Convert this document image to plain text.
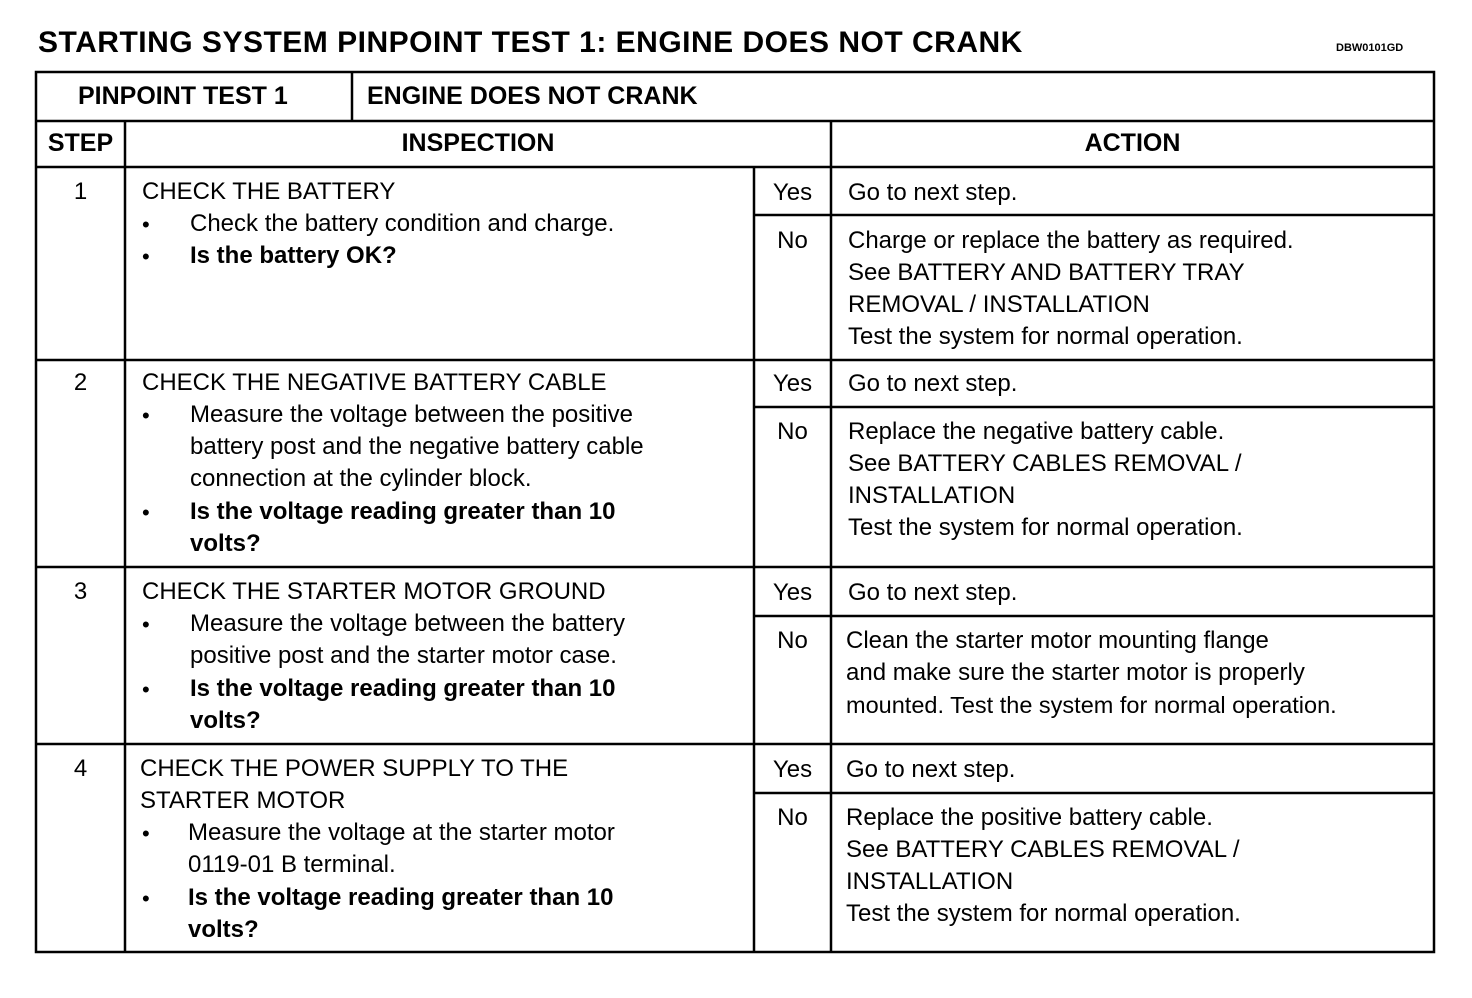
STARTING SYSTEM PINPOINT TEST 1: ENGINE DOES NOT CRANK	DBW0101GD
PINPOINT TEST 1	ENGINE DOES NOT CRANK
STEP	INSPECTION	ACTION
1	CHECK THE BATTERY
• Check the battery condition and charge.
• Is the battery OK?
Yes	Go to next step.
No	Charge or replace the battery as required.
See BATTERY AND BATTERY TRAY
REMOVAL / INSTALLATION
Test the system for normal operation.
2	CHECK THE NEGATIVE BATTERY CABLE
• Measure the voltage between the positive
battery post and the negative battery cable
connection at the cylinder block.
• Is the voltage reading greater than 10
volts?
Yes	Go to next step.
No	Replace the negative battery cable.
See BATTERY CABLES REMOVAL /
INSTALLATION
Test the system for normal operation.
3	CHECK THE STARTER MOTOR GROUND
• Measure the voltage between the battery
positive post and the starter motor case.
• Is the voltage reading greater than 10
volts?
Yes	Go to next step.
No	Clean the starter motor mounting flange
and make sure the starter motor is properly
mounted. Test the system for normal operation.
4	CHECK THE POWER SUPPLY TO THE
STARTER MOTOR
• Measure the voltage at the starter motor
0119-01 B terminal.
• Is the voltage reading greater than 10
volts?
Yes	Go to next step.
No	Replace the positive battery cable.
See BATTERY CABLES REMOVAL /
INSTALLATION
Test the system for normal operation.
